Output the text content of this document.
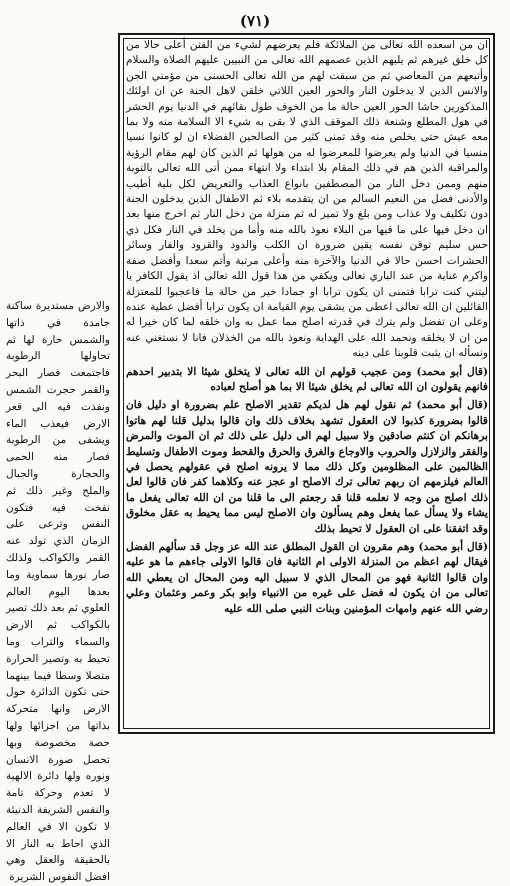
(٧١)

ان من اسعده الله تعالى من الملائكة فلم يعرضهم لشيء من الفتن أعلى حالا من كل خلق غيرهم ثم يليهم الذين عصمهم الله تعالى من النبيين عليهم الصلاة والسلام وأتبعهم من المعاصي ثم من سبقت لهم من الله تعالى الحسنى من مؤمني الجن والانس الذين لا يدخلون النار والحور العين اللاتي خلقن لاهل الجنة عن ان اولئك المذكورين حاشا الحور العين حالة ما من الخوف طول بقائهم في الدنيا يوم الحشر في هول المطلع وشنعة ذلك الموقف الذي لا بقى به شيء الا السلامة منه ولا بما معه عيش حتى يخلص منه وقد تمنى كثير من الصالحين الفضلاء ان لو كانوا نسيا منسيا في الدنيا ولم يعرضوا للمعرضوا له من هولها ثم الذين كان لهم مقام الرؤية والمراقبة الذين هم في ذلك المقام بلا ابتداء ولا انتهاء ممن أتى الله تعالى بالتوبة منهم وممن دخل النار من المصطفين بانواع العذاب والتعريض لكل بلية أطيب والأدنى فضل من النعيم السالم من ان يتقدمه بلاء ثم الاطفال الذين يدخلون الجنة دون تكليف ولا عذاب ومن بلغ ولا تميز له ثم منزلة من دخل النار ثم اخرج منها بعد ان دخل فيها على ما فيها من البلاء نعوذ بالله منه وأما من يخلد في النار فكل ذي حس سليم توقن نفسه يقين ضرورة ان الكلب والدود والقرود والفار وسائر الحشرات احسن حالا في الدنيا والآخرة منه وأعلى مرتبة وأتم سعدا وأفضل صفة واكرم عناية من عند الباري تعالى ويكفي من هذا قول الله تعالى اذ يقول الكافر يا ليتني كنت ترابا فتمنى ان يكون ترابا او جمادا خير من حالة ما فاعجبوا للمعتزلة القائلين ان الله تعالى اعطى من يشقى يوم القيامة ان يكون ترابا أفضل عطية عنده وعلى ان تفضل ولم يترك في قدرته اصلح مما عمل به وان خلقه لما كان خيرا له من ان لا يخلقه ونحمد الله على الهداية ونعوذ بالله من الخذلان فانا لا نستغني عنه ونسأله ان يثبت قلوبنا على دينه

(قال أبو محمد) ومن عجيب قولهم ان الله تعالى لا يتخلق شيئا الا بتدبير احدهم فانهم يقولون ان الله تعالى لم يخلق شيئا الا بما هو أصلح لعباده

(قال أبو محمد) ثم نقول لهم هل لديكم تقدير الاصلح علم بضرورة او دليل فان قالوا بضرورة كذبوا لان العقول تشهد بخلاف ذلك وان قالوا بدليل قلنا لهم هاتوا برهانكم ان كنتم صادقين ولا سبيل لهم الى دليل على ذلك ثم ان الموت والمرض والفقر والزلازل والحروب والاوجاع والغرق والحرق والقحط وموت الاطفال وتسليط الظالمين على المظلومين وكل ذلك مما لا يرونه اصلح في عقولهم يحصل في العالم فيلزمهم ان ربهم تعالى ترك الاصلح او عجز عنه وكلاهما كفر فان قالوا لعل ذلك اصلح من وجه لا نعلمه قلنا قد رجعتم الى ما قلنا من ان الله تعالى يفعل ما يشاء ولا يسأل عما يفعل وهم يسألون وان الاصلح ليس مما يحيط به عقل مخلوق وقد اتفقنا على ان العقول لا تحيط بذلك

(قال أبو محمد) وهم مقرون ان القول المطلق عند الله عز وجل قد سألهم الفضل فيقال لهم اعظم من المنزلة الاولى ام الثانية فان قالوا الاولى جاءهم ما هو عليه وان قالوا الثانية فهو من المحال الذي لا سبيل اليه ومن المحال ان يعطي الله تعالى من ان يكون له فضل على غيره من الانبياء وابو بكر وعمر وعثمان وعلي رضي الله عنهم وامهات المؤمنين وبنات النبي صلى الله عليه

والارض مستديرة ساكنة جامدة في ذاتها والشمس حارة لها ثم تحاولها الرطوبة فاجتمعت فصار البحر والقمر حجرت الشمس ونفذت فيه الى قعر الارض فيعذب الماء ويشفى من الرطوبة فصار منه الحمى والحجارة والجبال والملح وغير ذلك ثم نفخت فيه فتكون النفس وترعى على الزمان الذي تولد عنه القمر والكواكب ولذلك صار نورها سماوية وما بعدها اليوم العالم العلوي ثم بعد ذلك تصير بالكواكب ثم الارض والسماء والتراب وما تحيط به وتصير الحرارة متصلا وسطا فيما بينهما حتى تكون الدائرة حول الارض وانها متحركة بذاتها من اجزائها ولها حصة مخصوصة وبها تحصل صورة الانسان ونوره ولها دائرة الالهية لا تعدم وحركة تامة والنفس الشريفة الدنيئة لا تكون الا في العالم الذي احاط به النار الا بالحقيقة والعقل وهي افضل النفوس الشريرة
